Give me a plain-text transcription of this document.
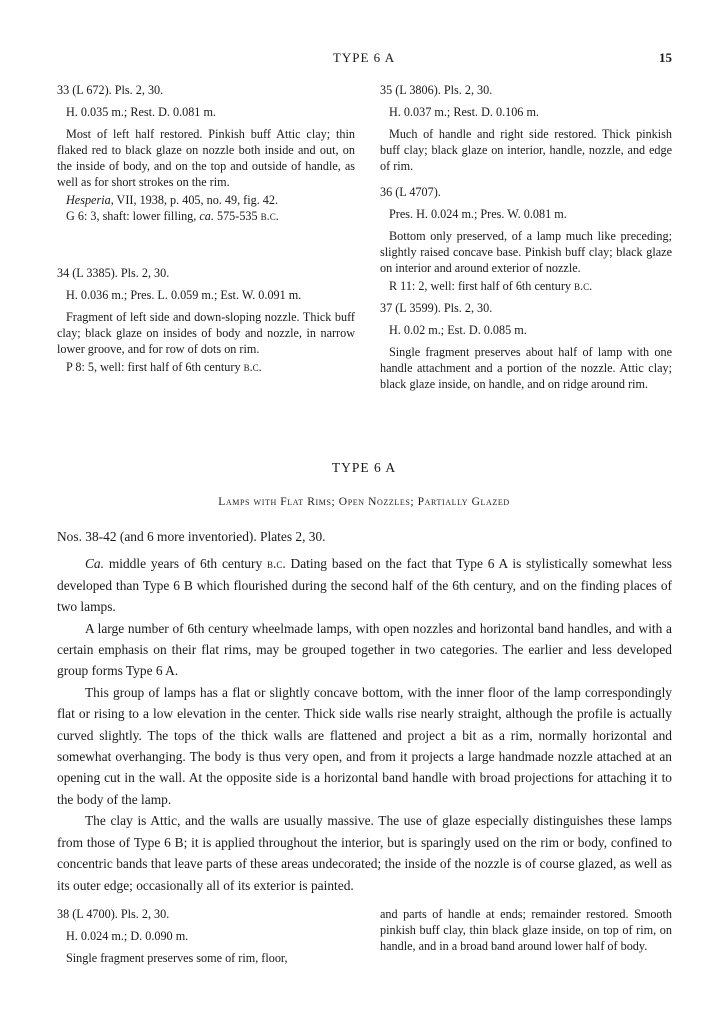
TYPE 6 A	15

33 (L 672). Pls. 2, 30.

H. 0.035 m.; Rest. D. 0.081 m.

Most of left half restored. Pinkish buff Attic clay; thin flaked red to black glaze on nozzle both inside and out, on the inside of body, and on the top and outside of handle, as well as for short strokes on the rim.

Hesperia, VII, 1938, p. 405, no. 49, fig. 42.

G 6: 3, shaft: lower filling, ca. 575-535 b.c.

34 (L 3385). Pls. 2, 30.

H. 0.036 m.; Pres. L. 0.059 m.; Est. W. 0.091 m.

Fragment of left side and down-sloping nozzle. Thick buff clay; black glaze on insides of body and nozzle, in narrow lower groove, and for row of dots on rim.

P 8: 5, well: first half of 6th century b.c.

35 (L 3806). Pls. 2, 30.

H. 0.037 m.; Rest. D. 0.106 m.

Much of handle and right side restored. Thick pinkish buff clay; black glaze on interior, handle, nozzle, and edge of rim.

36 (L 4707).

Pres. H. 0.024 m.; Pres. W. 0.081 m.

Bottom only preserved, of a lamp much like preceding; slightly raised concave base. Pinkish buff clay; black glaze on interior and around exterior of nozzle.

R 11: 2, well: first half of 6th century b.c.

37 (L 3599). Pls. 2, 30.

H. 0.02 m.; Est. D. 0.085 m.

Single fragment preserves about half of lamp with one handle attachment and a portion of the nozzle. Attic clay; black glaze inside, on handle, and on ridge around rim.

TYPE 6 A
Lamps with Flat Rims; Open Nozzles; Partially Glazed

Nos. 38-42 (and 6 more inventoried). Plates 2, 30.

Ca. middle years of 6th century b.c. Dating based on the fact that Type 6 A is stylistically somewhat less developed than Type 6 B which flourished during the second half of the 6th century, and on the finding places of two lamps.

A large number of 6th century wheelmade lamps, with open nozzles and horizontal band handles, and with a certain emphasis on their flat rims, may be grouped together in two categories. The earlier and less developed group forms Type 6 A.

This group of lamps has a flat or slightly concave bottom, with the inner floor of the lamp correspondingly flat or rising to a low elevation in the center. Thick side walls rise nearly straight, although the profile is actually curved slightly. The tops of the thick walls are flattened and project a bit as a rim, normally horizontal and somewhat overhanging. The body is thus very open, and from it projects a large handmade nozzle attached at an opening cut in the wall. At the opposite side is a horizontal band handle with broad projections for attaching it to the body of the lamp.

The clay is Attic, and the walls are usually massive. The use of glaze especially distinguishes these lamps from those of Type 6 B; it is applied throughout the interior, but is sparingly used on the rim or body, confined to concentric bands that leave parts of these areas undecorated; the inside of the nozzle is of course glazed, as well as its outer edge; occasionally all of its exterior is painted.

38 (L 4700). Pls. 2, 30.

H. 0.024 m.; D. 0.090 m.

Single fragment preserves some of rim, floor,

and parts of handle at ends; remainder restored. Smooth pinkish buff clay, thin black glaze inside, on top of rim, on handle, and in a broad band around lower half of body.
